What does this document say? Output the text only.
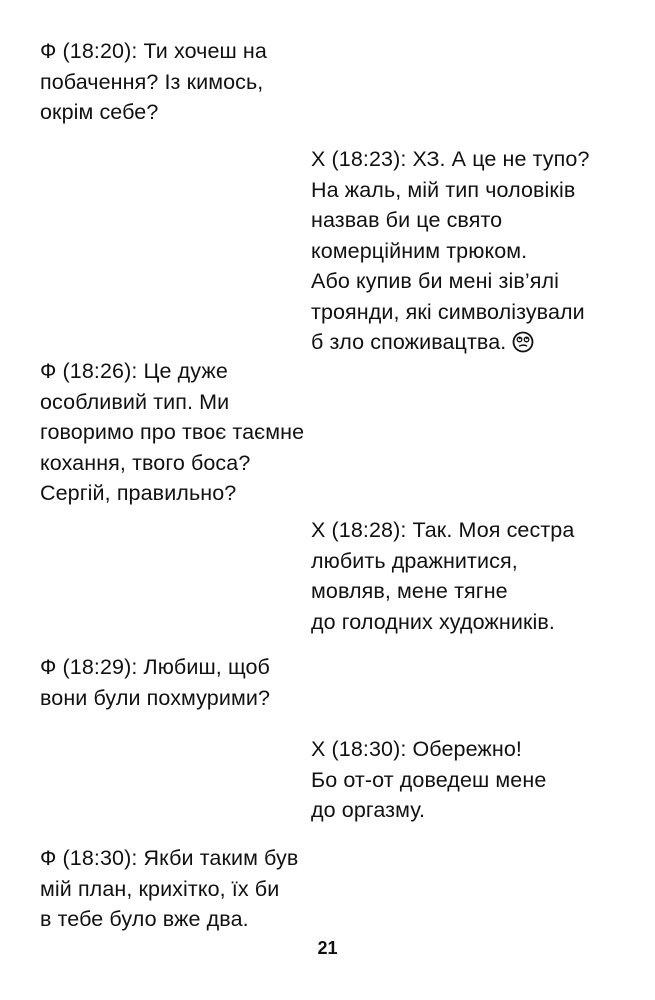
Ф (18:20): Ти хочеш на
побачення? Із кимось,
окрім себе?
Х (18:23): ХЗ. А це не тупо?
На жаль, мій тип чоловіків
назвав би це свято
комерційним трюком.
Або купив би мені зів’ялі
троянди, які символізували
б зло споживацтва.
Ф (18:26): Це дуже
особливий тип. Ми
говоримо про твоє таємне
кохання, твого боса?
Сергій, правильно?
Х (18:28): Так. Моя сестра
любить дражнитися,
мовляв, мене тягне
до голодних художників.
Ф (18:29): Любиш, щоб
вони були похмурими?
Х (18:30): Обережно!
Бо от-от доведеш мене
до оргазму.
Ф (18:30): Якби таким був
мій план, крихітко, їх би
в тебе було вже два.
21
